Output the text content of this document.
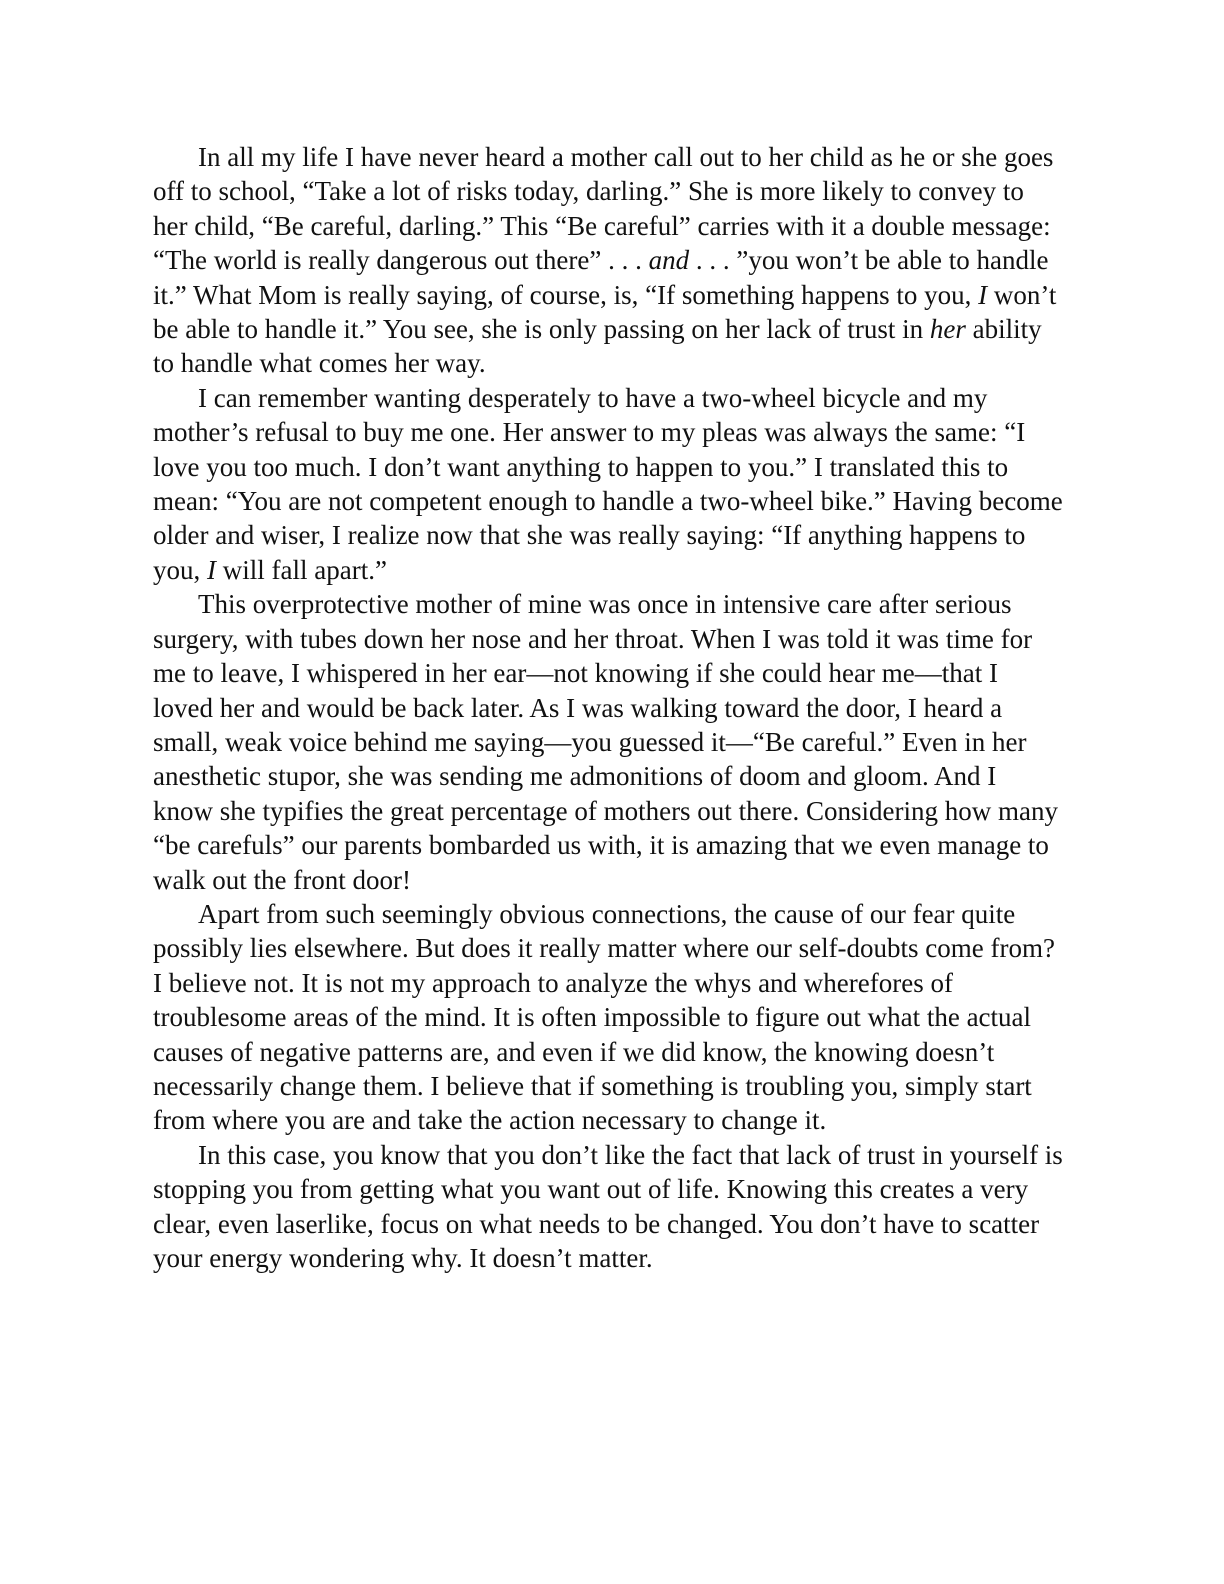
In all my life I have never heard a mother call out to her child as he or she goes off to school, “Take a lot of risks today, darling.” She is more likely to convey to her child, “Be careful, darling.” This “Be careful” carries with it a double message: “The world is really dangerous out there” . . . and . . . ”you won’t be able to handle it.” What Mom is really saying, of course, is, “If something happens to you, I won’t be able to handle it.” You see, she is only passing on her lack of trust in her ability to handle what comes her way.

I can remember wanting desperately to have a two-wheel bicycle and my mother’s refusal to buy me one. Her answer to my pleas was always the same: “I love you too much. I don’t want anything to happen to you.” I translated this to mean: “You are not competent enough to handle a two-wheel bike.” Having become older and wiser, I realize now that she was really saying: “If anything happens to you, I will fall apart.”

This overprotective mother of mine was once in intensive care after serious surgery, with tubes down her nose and her throat. When I was told it was time for me to leave, I whispered in her ear—not knowing if she could hear me—that I loved her and would be back later. As I was walking toward the door, I heard a small, weak voice behind me saying—you guessed it—“Be careful.” Even in her anesthetic stupor, she was sending me admonitions of doom and gloom. And I know she typifies the great percentage of mothers out there. Considering how many “be carefuls” our parents bombarded us with, it is amazing that we even manage to walk out the front door!

Apart from such seemingly obvious connections, the cause of our fear quite possibly lies elsewhere. But does it really matter where our self-doubts come from? I believe not. It is not my approach to analyze the whys and wherefores of troublesome areas of the mind. It is often impossible to figure out what the actual causes of negative patterns are, and even if we did know, the knowing doesn’t necessarily change them. I believe that if something is troubling you, simply start from where you are and take the action necessary to change it.

In this case, you know that you don’t like the fact that lack of trust in yourself is stopping you from getting what you want out of life. Knowing this creates a very clear, even laserlike, focus on what needs to be changed. You don’t have to scatter your energy wondering why. It doesn’t matter.
